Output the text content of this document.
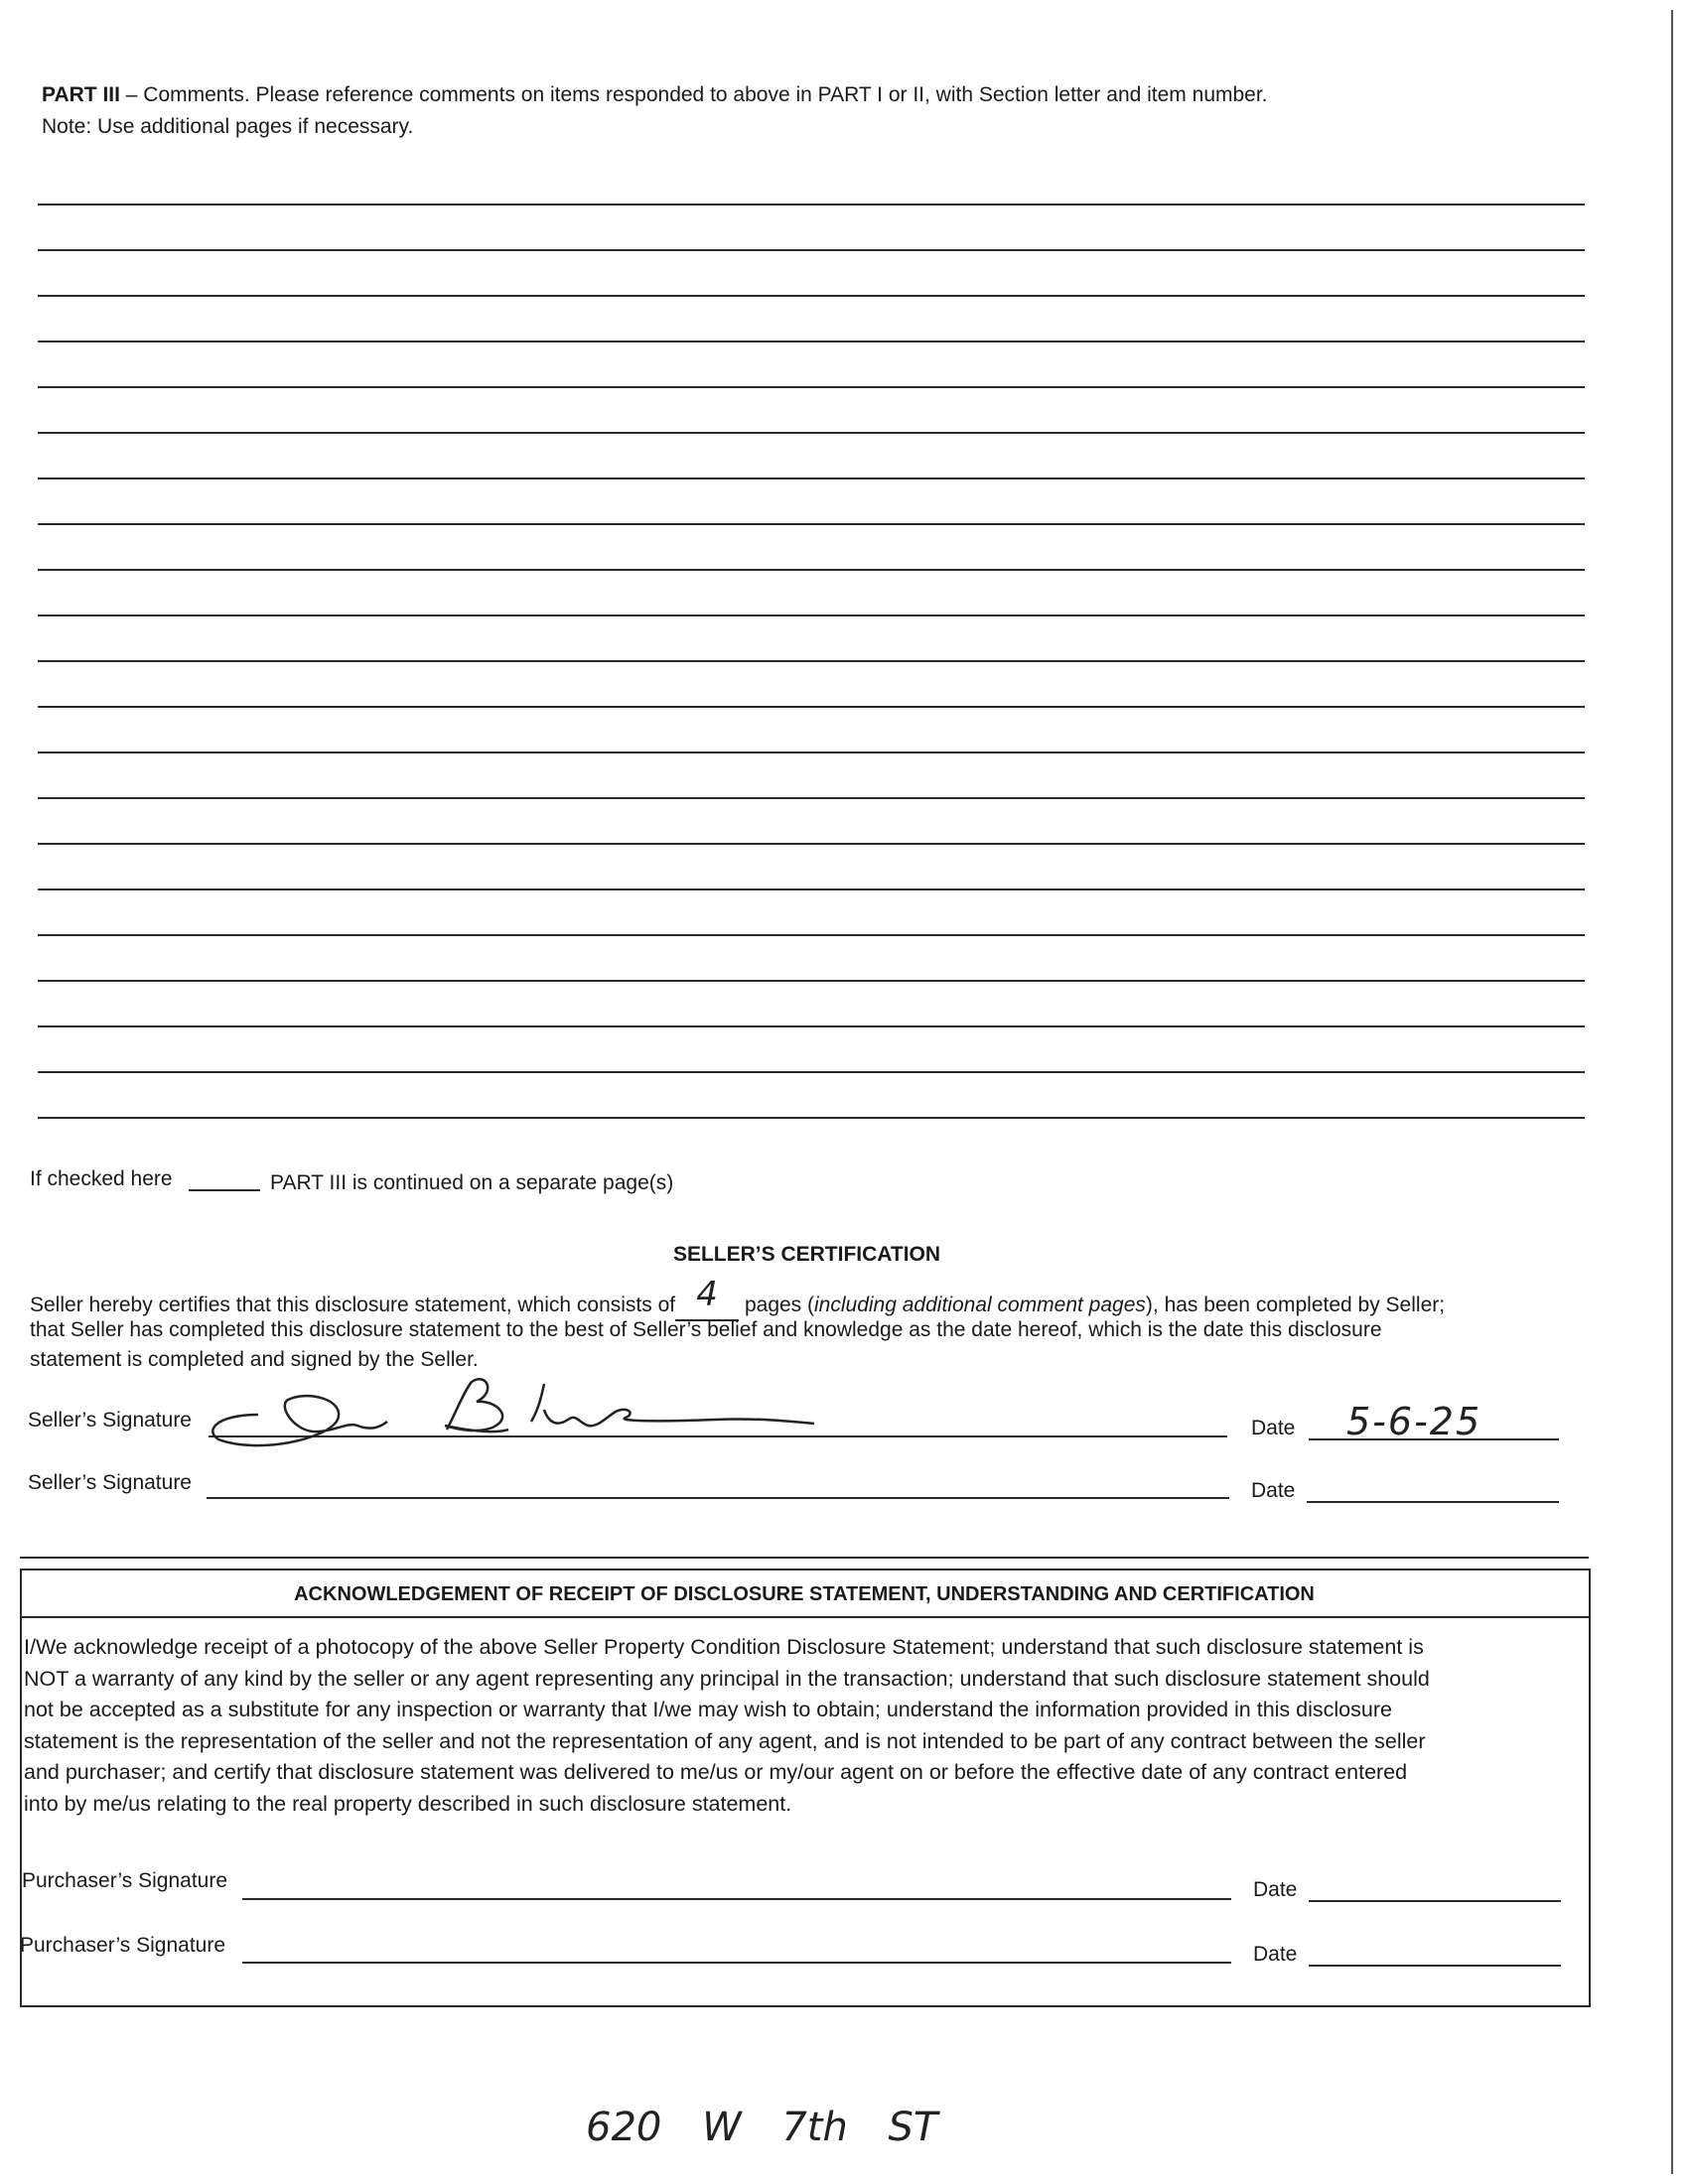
PART III – Comments. Please reference comments on items responded to above in PART I or II, with Section letter and item number.
Note: Use additional pages if necessary.
If checked here	PART III is continued on a separate page(s)
SELLER’S CERTIFICATION
Seller hereby certifies that this disclosure statement, which consists of 4 pages (including additional comment pages), has been completed by Seller;
that Seller has completed this disclosure statement to the best of Seller’s belief and knowledge as the date hereof, which is the date this disclosure
statement is completed and signed by the Seller.
Seller’s Signature	Date 5-6-25
Seller’s Signature	Date
ACKNOWLEDGEMENT OF RECEIPT OF DISCLOSURE STATEMENT, UNDERSTANDING AND CERTIFICATION
I/We acknowledge receipt of a photocopy of the above Seller Property Condition Disclosure Statement; understand that such disclosure statement is
NOT a warranty of any kind by the seller or any agent representing any principal in the transaction; understand that such disclosure statement should
not be accepted as a substitute for any inspection or warranty that I/we may wish to obtain; understand the information provided in this disclosure
statement is the representation of the seller and not the representation of any agent, and is not intended to be part of any contract between the seller
and purchaser; and certify that disclosure statement was delivered to me/us or my/our agent on or before the effective date of any contract entered
into by me/us relating to the real property described in such disclosure statement.
Purchaser’s Signature	Date
Purchaser’s Signature	Date
620 W 7th ST
